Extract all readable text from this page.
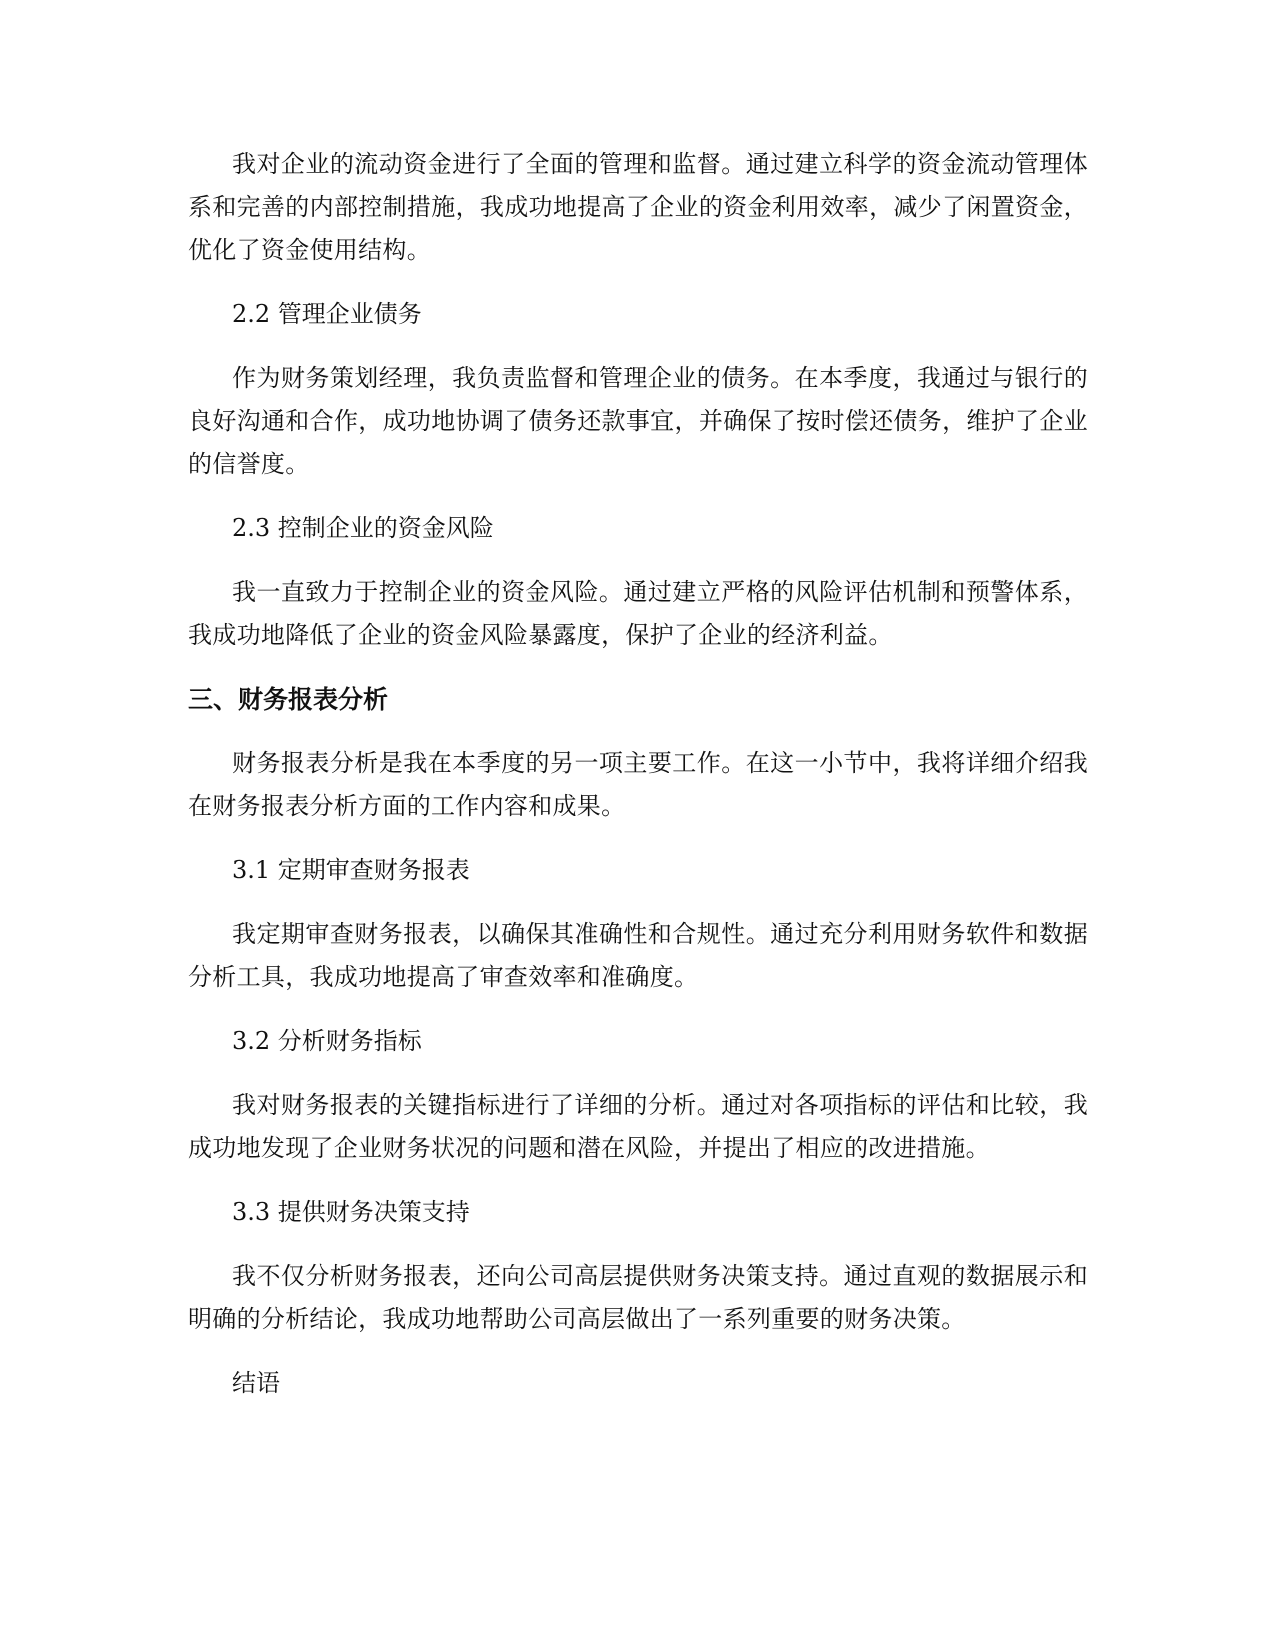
我对企业的流动资金进行了全面的管理和监督。通过建立科学的资金流动管理体系和完善的内部控制措施，我成功地提高了企业的资金利用效率，减少了闲置资金，优化了资金使用结构。

2.2 管理企业债务

作为财务策划经理，我负责监督和管理企业的债务。在本季度，我通过与银行的良好沟通和合作，成功地协调了债务还款事宜，并确保了按时偿还债务，维护了企业的信誉度。

2.3 控制企业的资金风险

我一直致力于控制企业的资金风险。通过建立严格的风险评估机制和预警体系，我成功地降低了企业的资金风险暴露度，保护了企业的经济利益。

三、财务报表分析

财务报表分析是我在本季度的另一项主要工作。在这一小节中，我将详细介绍我在财务报表分析方面的工作内容和成果。

3.1 定期审查财务报表

我定期审查财务报表，以确保其准确性和合规性。通过充分利用财务软件和数据分析工具，我成功地提高了审查效率和准确度。

3.2 分析财务指标

我对财务报表的关键指标进行了详细的分析。通过对各项指标的评估和比较，我成功地发现了企业财务状况的问题和潜在风险，并提出了相应的改进措施。

3.3 提供财务决策支持

我不仅分析财务报表，还向公司高层提供财务决策支持。通过直观的数据展示和明确的分析结论，我成功地帮助公司高层做出了一系列重要的财务决策。

结语
